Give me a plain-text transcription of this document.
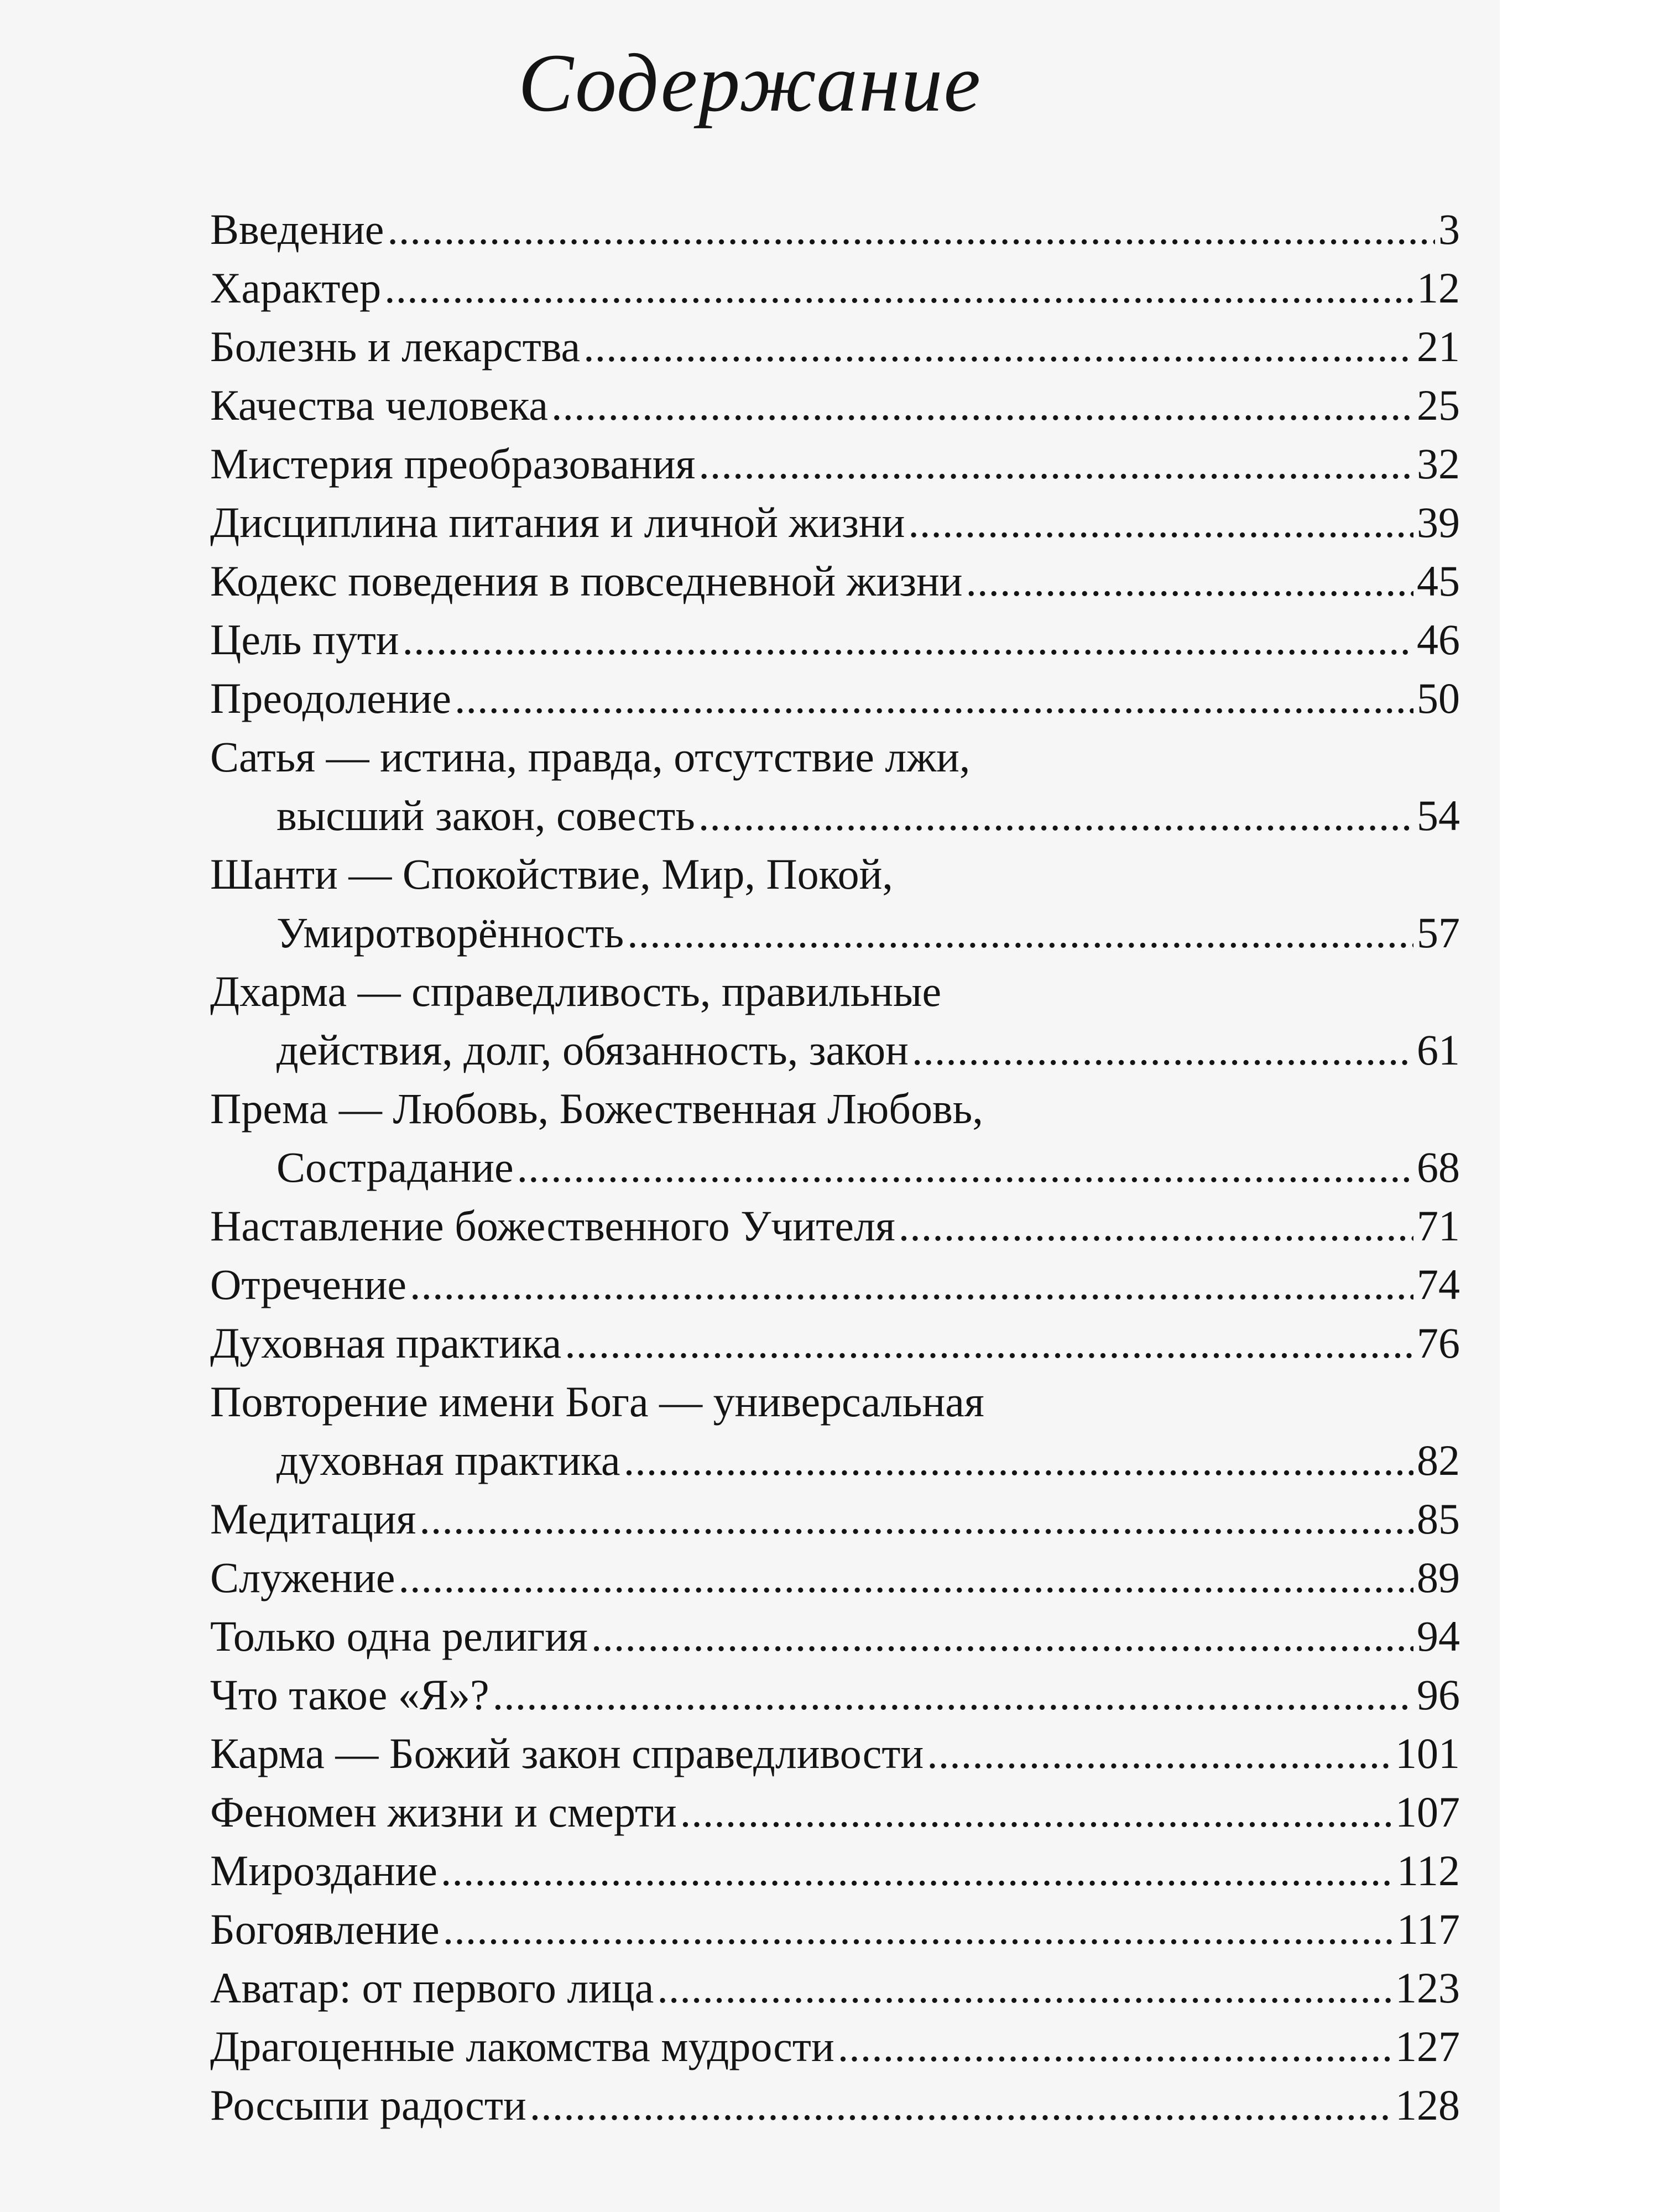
Содержание
Введение .....	3
Характер .....	12
Болезнь и лекарства .....	21
Качества человека .....	25
Мистерия преобразования .....	32
Дисциплина питания и личной жизни .....	39
Кодекс поведения в повседневной жизни .....	45
Цель пути .....	46
Преодоление .....	50
Сатья — истина, правда, отсутствие лжи,
высший закон, совесть .....	54
Шанти — Спокойствие, Мир, Покой,
Умиротворённость .....	57
Дхарма — справедливость, правильные
действия, долг, обязанность, закон .....	61
Према — Любовь, Божественная Любовь,
Сострадание .....	68
Наставление божественного Учителя .....	71
Отречение .....	74
Духовная практика .....	76
Повторение имени Бога — универсальная
духовная практика .....	82
Медитация .....	85
Служение .....	89
Только одна религия .....	94
Что такое «Я»? .....	96
Карма — Божий закон справедливости .....	101
Феномен жизни и смерти .....	107
Мироздание .....	112
Богоявление .....	117
Аватар: от первого лица .....	123
Драгоценные лакомства мудрости .....	127
Россыпи радости .....	128
